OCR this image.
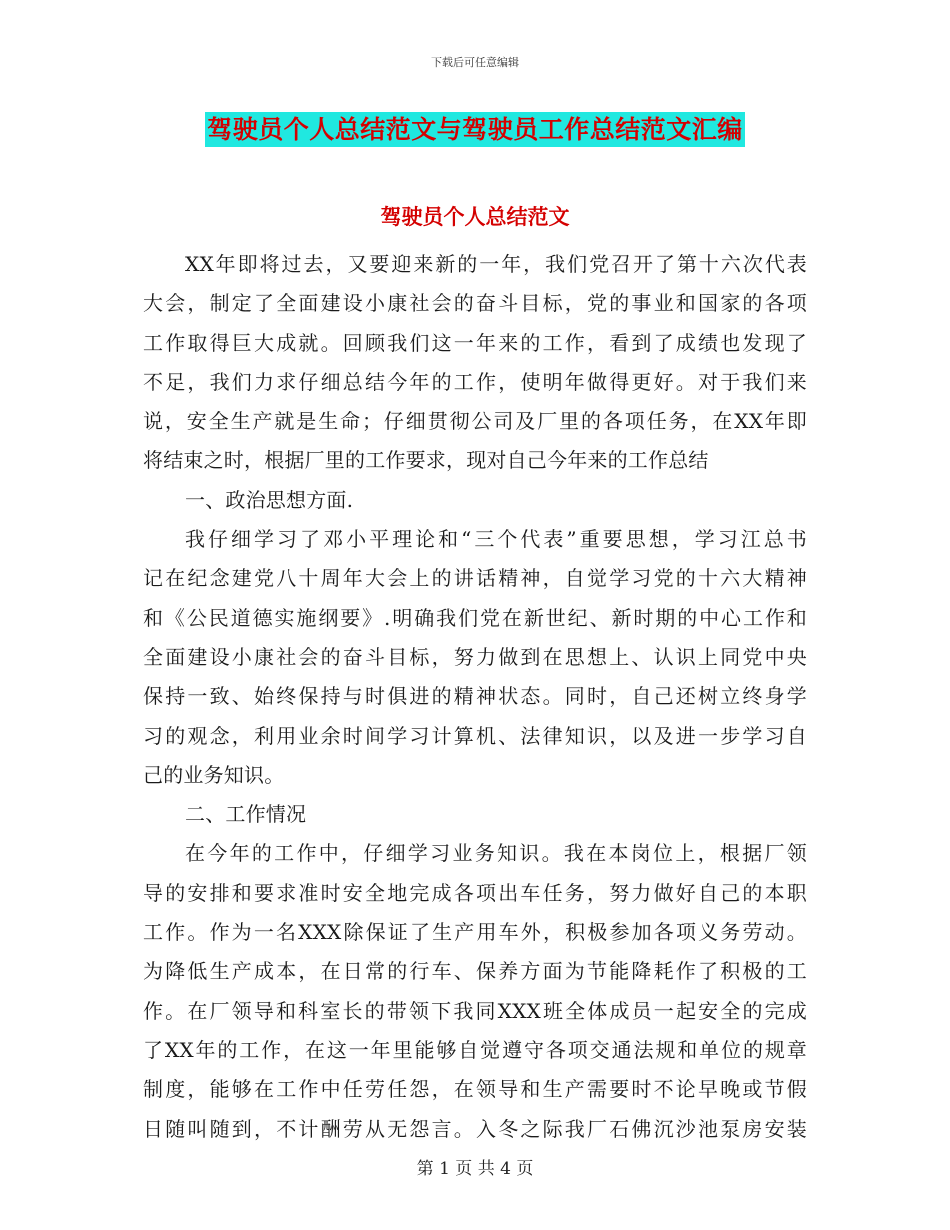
下载后可任意编辑
驾驶员个人总结范文与驾驶员工作总结范文汇编
驾驶员个人总结范文
XX年即将过去，又要迎来新的一年，我们党召开了第十六次代表
大会，制定了全面建设小康社会的奋斗目标，党的事业和国家的各项
工作取得巨大成就。回顾我们这一年来的工作，看到了成绩也发现了
不足，我们力求仔细总结今年的工作，使明年做得更好。对于我们来
说，安全生产就是生命；仔细贯彻公司及厂里的各项任务，在XX年即
将结束之时，根据厂里的工作要求，现对自己今年来的工作总结
一、政治思想方面.
我仔细学习了邓小平理论和“三个代表”重要思想，学习江总书
记在纪念建党八十周年大会上的讲话精神，自觉学习党的十六大精神
和《公民道德实施纲要》.明确我们党在新世纪、新时期的中心工作和
全面建设小康社会的奋斗目标，努力做到在思想上、认识上同党中央
保持一致、始终保持与时俱进的精神状态。同时，自己还树立终身学
习的观念，利用业余时间学习计算机、法律知识，以及进一步学习自
己的业务知识。
二、工作情况
在今年的工作中，仔细学习业务知识。我在本岗位上，根据厂领
导的安排和要求准时安全地完成各项出车任务，努力做好自己的本职
工作。作为一名XXX除保证了生产用车外，积极参加各项义务劳动。
为降低生产成本，在日常的行车、保养方面为节能降耗作了积极的工
作。在厂领导和科室长的带领下我同XXX班全体成员一起安全的完成
了XX年的工作，在这一年里能够自觉遵守各项交通法规和单位的规章
制度，能够在工作中任劳任怨，在领导和生产需要时不论早晚或节假
日随叫随到，不计酬劳从无怨言。入冬之际我厂石佛沉沙池泵房安装
第 1 页 共 4 页
